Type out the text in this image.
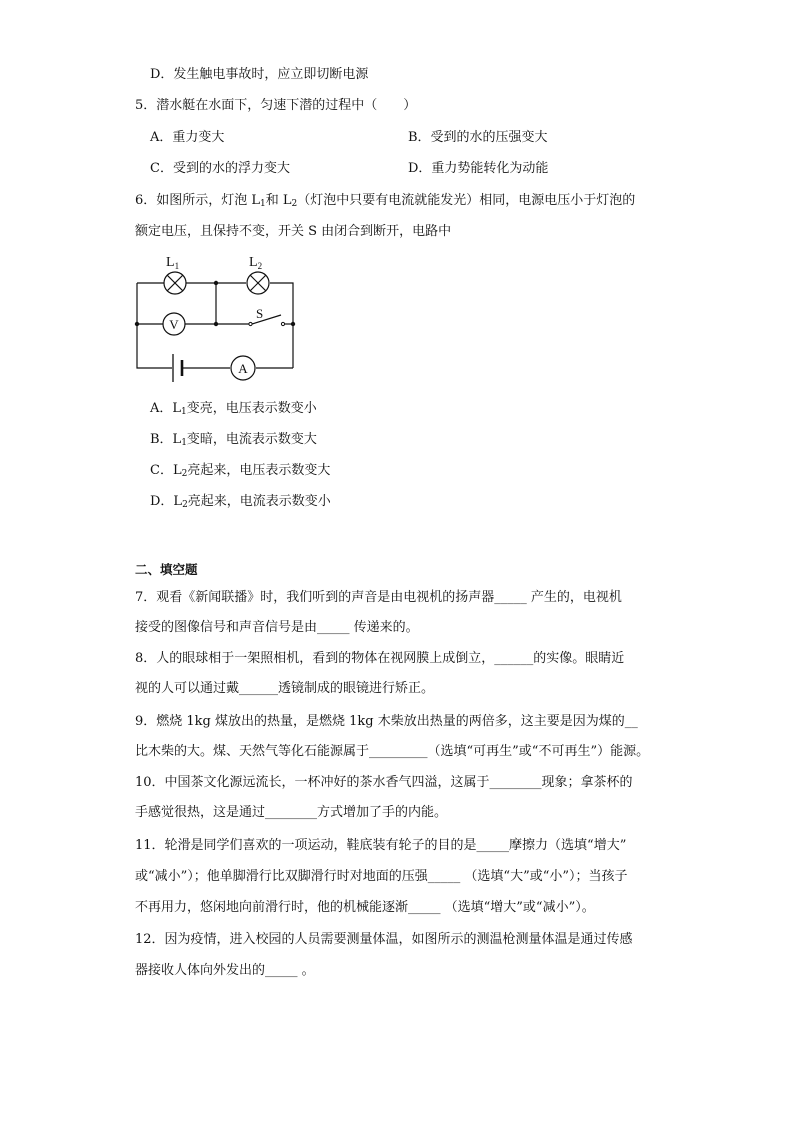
D．发生触电事故时，应立即切断电源
5．潜水艇在水面下，匀速下潜的过程中（　　）
A．重力变大	B．受到的水的压强变大
C．受到的水的浮力变大	D．重力势能转化为动能
6．如图所示，灯泡 $L_1$和 $L_2$（灯泡中只要有电流就能发光）相同，电源电压小于灯泡的
额定电压，且保持不变，开关 S 由闭合到断开，电路中
V
A
$L_1$	$L_2$
S
A．$L_1$变亮，电压表示数变小
B．$L_1$变暗，电流表示数变大
C．$L_2$亮起来，电压表示数变大
D．$L_2$亮起来，电流表示数变小
二、填空题
7．观看《新闻联播》时，我们听到的声音是由电视机的扬声器_____ 产生的，电视机
接受的图像信号和声音信号是由_____ 传递来的。
8．人的眼球相于一架照相机，看到的物体在视网膜上成倒立，______的实像。眼睛近
视的人可以通过戴______透镜制成的眼镜进行矫正。
9．燃烧 1kg 煤放出的热量，是燃烧 1kg 木柴放出热量的两倍多，这主要是因为煤的__
比木柴的大。煤、天然气等化石能源属于_________（选填“可再生”或“不可再生”）能源。
10．中国茶文化源远流长，一杯冲好的茶水香气四溢，这属于________现象；拿茶杯的
手感觉很热，这是通过________方式增加了手的内能。
11．轮滑是同学们喜欢的一项运动，鞋底装有轮子的目的是_____摩擦力（选填“增大”
或“减小”）；他单脚滑行比双脚滑行时对地面的压强_____ （选填“大”或“小”）；当孩子
不再用力，悠闲地向前滑行时，他的机械能逐渐_____ （选填“增大”或“减小”）。
12．因为疫情，进入校园的人员需要测量体温，如图所示的测温枪测量体温是通过传感
器接收人体向外发出的_____ 。
